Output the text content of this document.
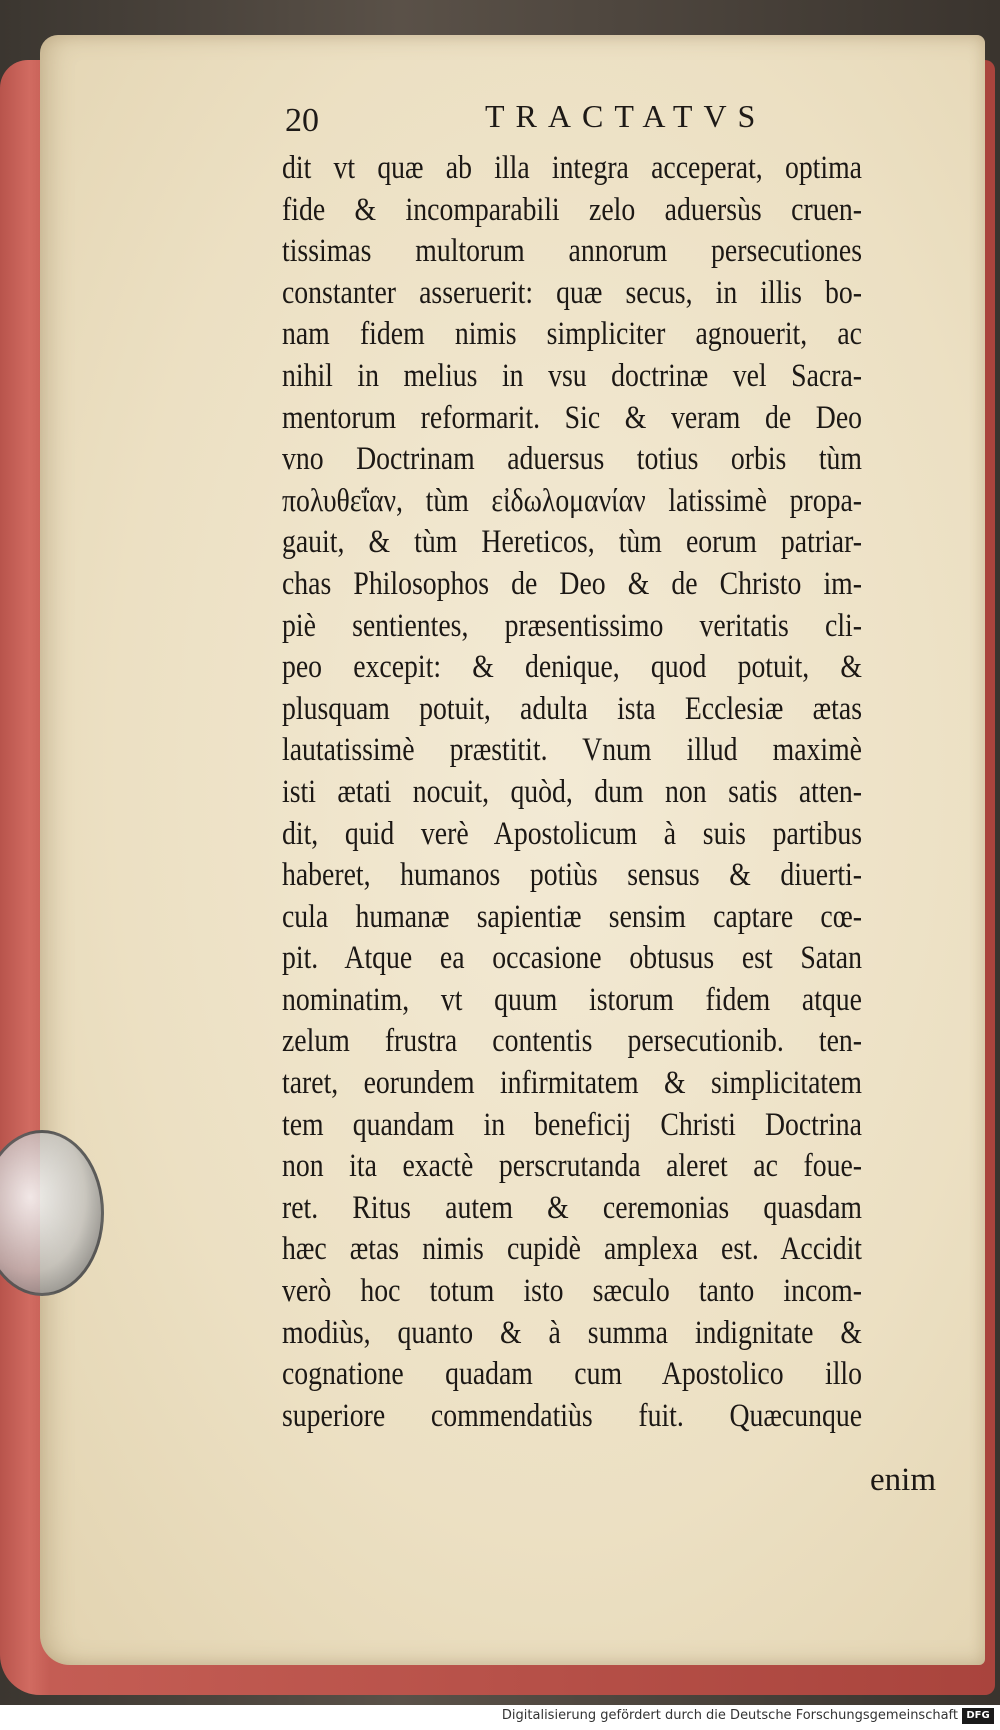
20	TRACTATVS
dit vt quæ ab illa integra acceperat, optima
fide & incomparabili zelo aduersùs cruen-
tissimas multorum annorum persecutiones
constanter asseruerit: quæ secus, in illis bo-
nam fidem nimis simpliciter agnouerit, ac
nihil in melius in vsu doctrinæ vel Sacra-
mentorum reformarit. Sic & veram de Deo
vno Doctrinam aduersus totius orbis tùm
πολυθεΐαν, tùm εἰδωλομανίαν latissimè propa-
gauit, & tùm Hereticos, tùm eorum patriar-
chas Philosophos de Deo & de Christo im-
piè sentientes, præsentissimo veritatis cli-
peo excepit: & denique, quod potuit, &
plusquam potuit, adulta ista Ecclesiæ ætas
lautatissimè præstitit. Vnum illud maximè
isti ætati nocuit, quòd, dum non satis atten-
dit, quid verè Apostolicum à suis partibus
haberet, humanos potiùs sensus & diuerti-
cula humanæ sapientiæ sensim captare cœ-
pit. Atque ea occasione obtusus est Satan
nominatim, vt quum istorum fidem atque
zelum frustra contentis persecutionib. ten-
taret, eorundem infirmitatem & simplicitatem
tem quandam in beneficij Christi Doctrina
non ita exactè perscrutanda aleret ac foue-
ret. Ritus autem & ceremonias quasdam
hæc ætas nimis cupidè amplexa est. Accidit
verò hoc totum isto sæculo tanto incom-
modiùs, quanto & à summa indignitate &
cognatione quadam cum Apostolico illo
superiore commendatiùs fuit. Quæcunque
enim
Digitalisierung gefördert durch die Deutsche Forschungsgemeinschaft DFG
